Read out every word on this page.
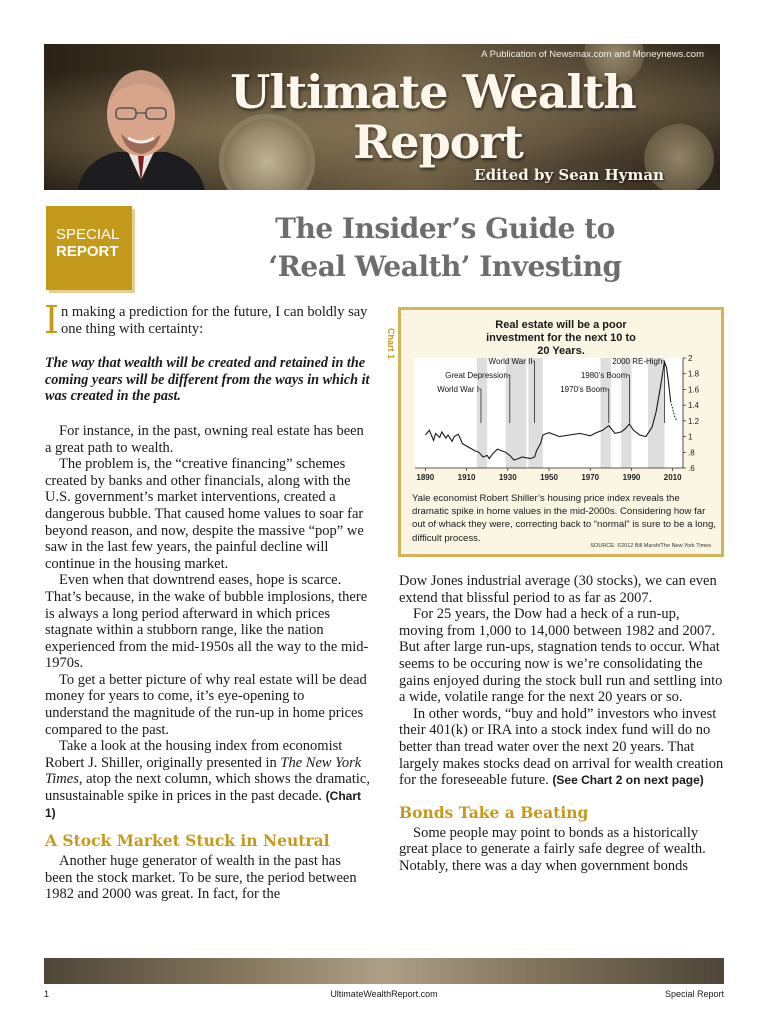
A Publication of Newsmax.com and Moneynews.com
Ultimate Wealth
Report
Edited by Sean Hyman
SPECIAL
REPORT
The Insider’s Guide to
‘Real Wealth’ Investing
I n making a prediction for the future, I can boldly say one thing with certainty:
The way that wealth will be created and retained in the coming years will be different from the ways in which it was created in the past.
For instance, in the past, owning real estate has been a great path to wealth.
The problem is, the “creative financing” schemes created by banks and other financials, along with the U.S. government’s market interventions, created a dangerous bubble. That caused home values to soar far beyond reason, and now, despite the massive “pop” we saw in the last few years, the painful decline will continue in the housing market.
Even when that downtrend eases, hope is scarce. That’s because, in the wake of bubble implosions, there is always a long period afterward in which prices stagnate within a stubborn range, like the nation experienced from the mid-1950s all the way to the mid-1970s.
To get a better picture of why real estate will be dead money for years to come, it’s eye-opening to understand the magnitude of the run-up in home prices compared to the past.
Take a look at the housing index from economist Robert J. Shiller, originally presented in The New York Times, atop the next column, which shows the dramatic, unsustainable spike in prices in the past decade. (Chart 1)
A Stock Market Stuck in Neutral
Another huge generator of wealth in the past has been the stock market. To be sure, the period between 1982 and 2000 was great. In fact, for the
Chart 1
Real estate will be a poor investment for the next 10 to 20 Years.
2
1.8
1.6
1.4
1.2
1
.8
.6
1890	1910	1930	1950	1970	1990	2010
World War I
Great Depression
World War II
1970’s Boom
1980’s Boom
2000 RE-High
Yale economist Robert Shiller’s housing price index reveals the dramatic spike in home values in the mid-2000s. Considering how far out of whack they were, correcting back to “normal” is sure to be a long, difficult process.
SOURCE: ©2012 Bill Marsh/The New York Times
Dow Jones industrial average (30 stocks), we can even extend that blissful period to as far as 2007.
For 25 years, the Dow had a heck of a run-up, moving from 1,000 to 14,000 between 1982 and 2007. But after large run-ups, stagnation tends to occur. What seems to be occuring now is we’re consolidating the gains enjoyed during the stock bull run and settling into a wide, volatile range for the next 20 years or so.
In other words, “buy and hold” investors who invest their 401(k) or IRA into a stock index fund will do no better than tread water over the next 20 years. That largely makes stocks dead on arrival for wealth creation for the foreseeable future. (See Chart 2 on next page)
Bonds Take a Beating
Some people may point to bonds as a historically great place to generate a fairly safe degree of wealth. Notably, there was a day when government bonds
1	UltimateWealthReport.com	Special Report
